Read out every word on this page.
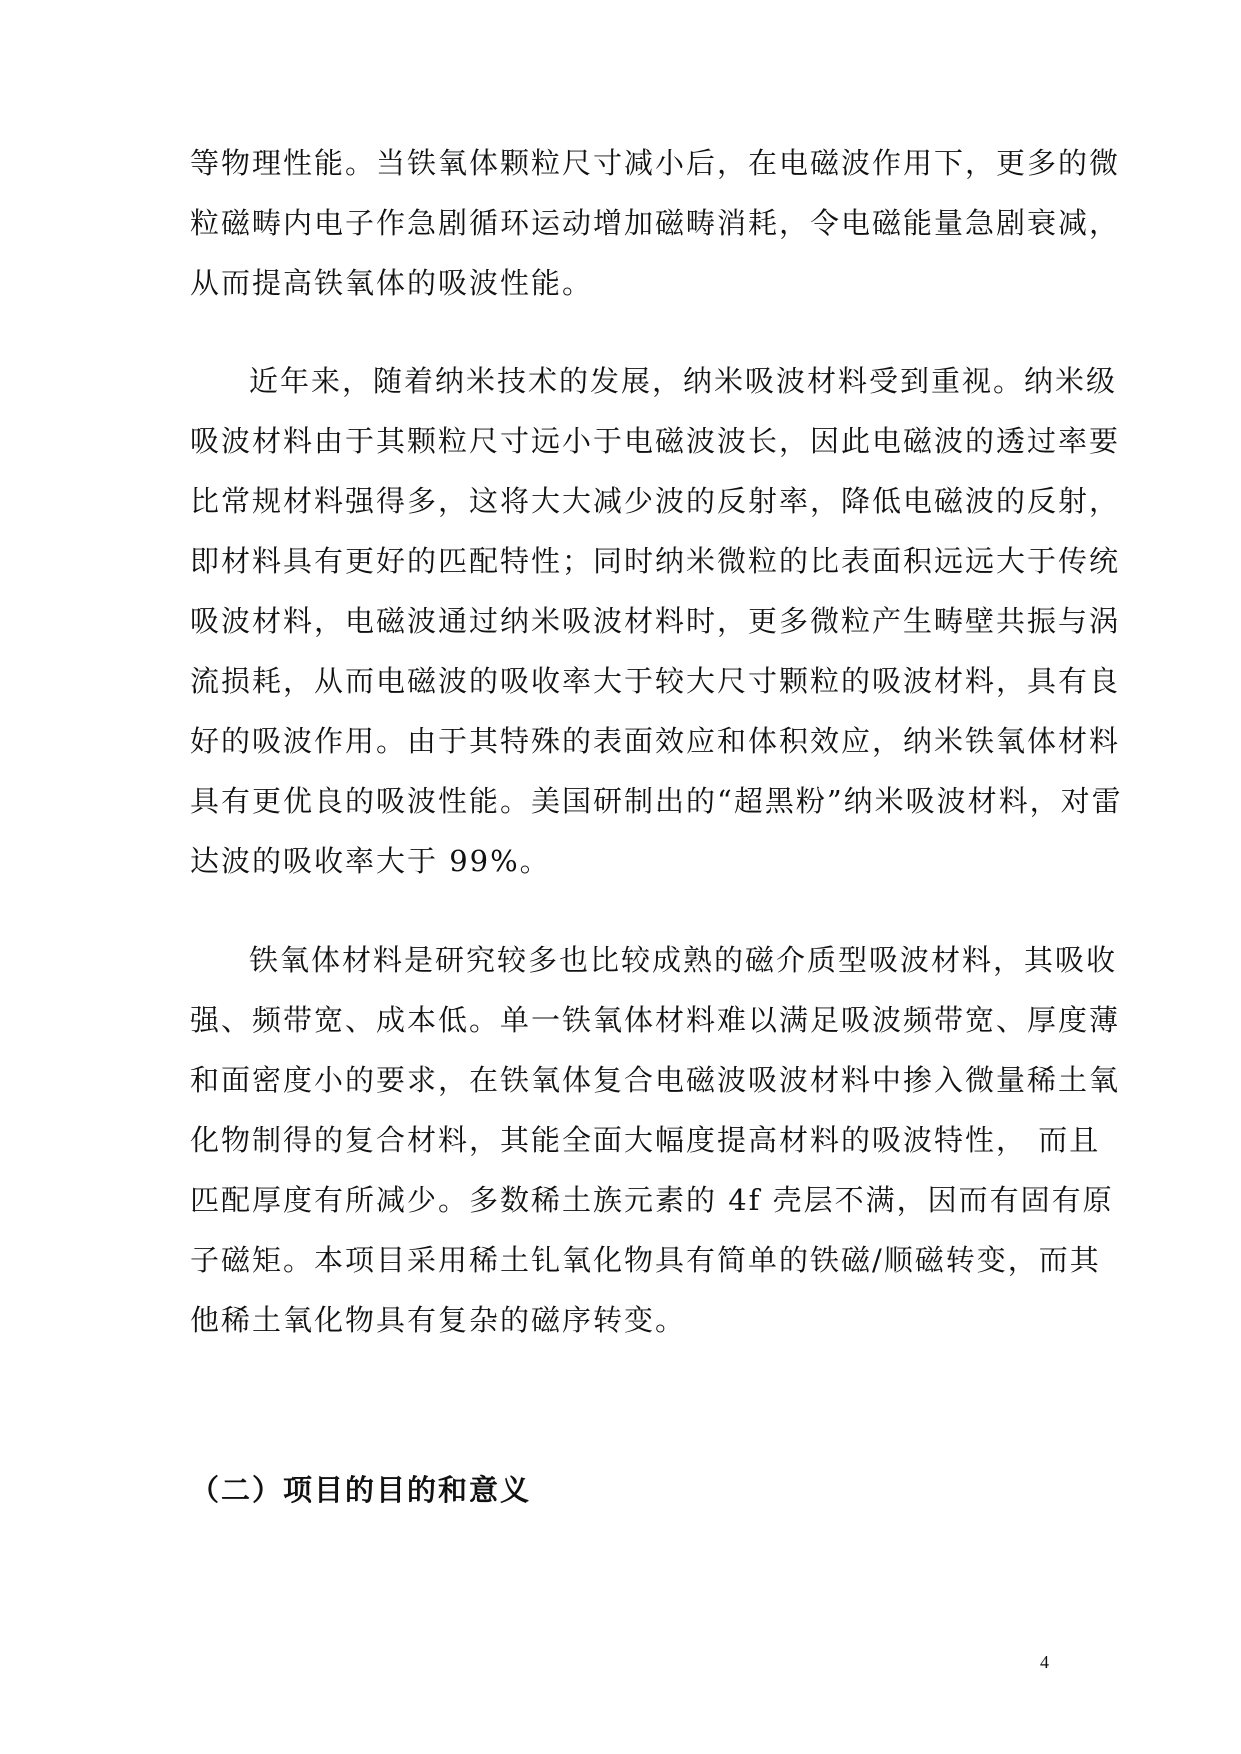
等物理性能。当铁氧体颗粒尺寸减小后，在电磁波作用下，更多的微
粒磁畴内电子作急剧循环运动增加磁畴消耗，令电磁能量急剧衰减，
从而提高铁氧体的吸波性能。
近年来，随着纳米技术的发展，纳米吸波材料受到重视。纳米级
吸波材料由于其颗粒尺寸远小于电磁波波长，因此电磁波的透过率要
比常规材料强得多，这将大大减少波的反射率，降低电磁波的反射，
即材料具有更好的匹配特性；同时纳米微粒的比表面积远远大于传统
吸波材料，电磁波通过纳米吸波材料时，更多微粒产生畴壁共振与涡
流损耗，从而电磁波的吸收率大于较大尺寸颗粒的吸波材料，具有良
好的吸波作用。由于其特殊的表面效应和体积效应，纳米铁氧体材料
具有更优良的吸波性能。美国研制出的“超黑粉”纳米吸波材料，对雷
达波的吸收率大于 99%。
铁氧体材料是研究较多也比较成熟的磁介质型吸波材料，其吸收
强、频带宽、成本低。单一铁氧体材料难以满足吸波频带宽、厚度薄
和面密度小的要求，在铁氧体复合电磁波吸波材料中掺入微量稀土氧
化物制得的复合材料，其能全面大幅度提高材料的吸波特性， 而且
匹配厚度有所减少。多数稀土族元素的 4f 壳层不满，因而有固有原
子磁矩。本项目采用稀土钆氧化物具有简单的铁磁/顺磁转变，而其
他稀土氧化物具有复杂的磁序转变。
（二）项目的目的和意义
4
